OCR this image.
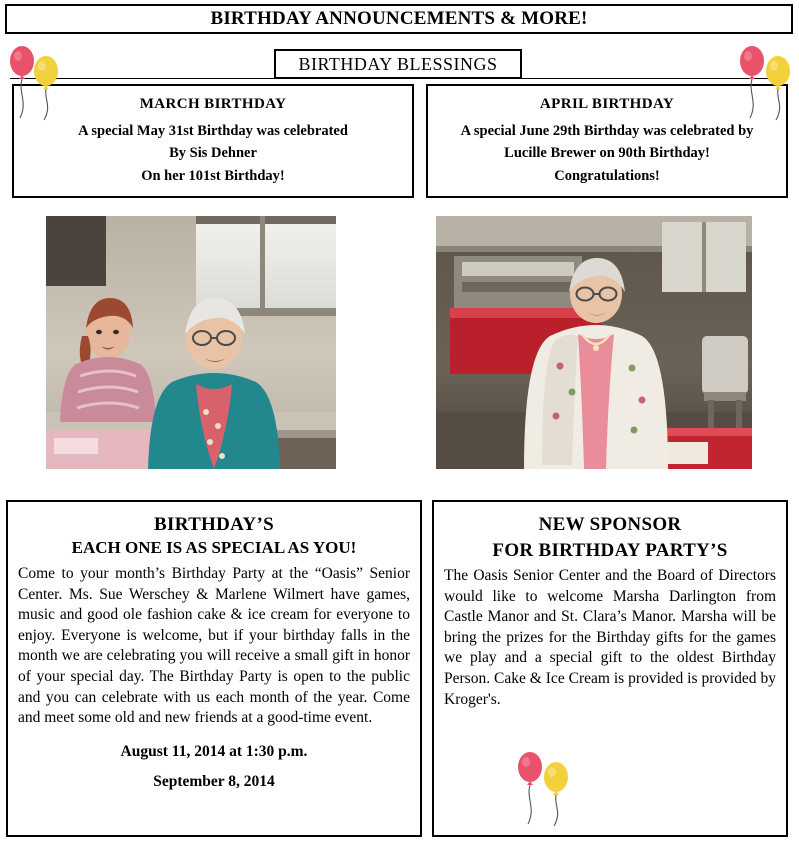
BIRTHDAY ANNOUNCEMENTS & MORE!
BIRTHDAY BLESSINGS
MARCH BIRTHDAY
A special May 31st Birthday was celebrated
By Sis Dehner
On her 101st Birthday!
APRIL BIRTHDAY
A special June 29th Birthday was celebrated by
Lucille Brewer on 90th Birthday!
Congratulations!
BIRTHDAY’S
EACH ONE IS AS SPECIAL AS YOU!

Come to your month’s Birthday Party at the “Oasis” Senior Center. Ms. Sue Werschey & Marlene Wilmert have games, music and good ole fashion cake & ice cream for everyone to enjoy. Everyone is welcome, but if your birthday falls in the month we are celebrating you will receive a small gift in honor of your special day. The Birthday Party is open to the public and you can celebrate with us each month of the year. Come and meet some old and new friends at a good-time event.

August 11, 2014 at 1:30 p.m.
September 8, 2014
NEW SPONSOR
FOR BIRTHDAY PARTY’S

The Oasis Senior Center and the Board of Directors would like to welcome Marsha Darlington from Castle Manor and St. Clara’s Manor. Marsha will be bring the prizes for the Birthday gifts for the games we play and a special gift to the oldest Birthday Person. Cake & Ice Cream is provided is provided by Kroger's.
